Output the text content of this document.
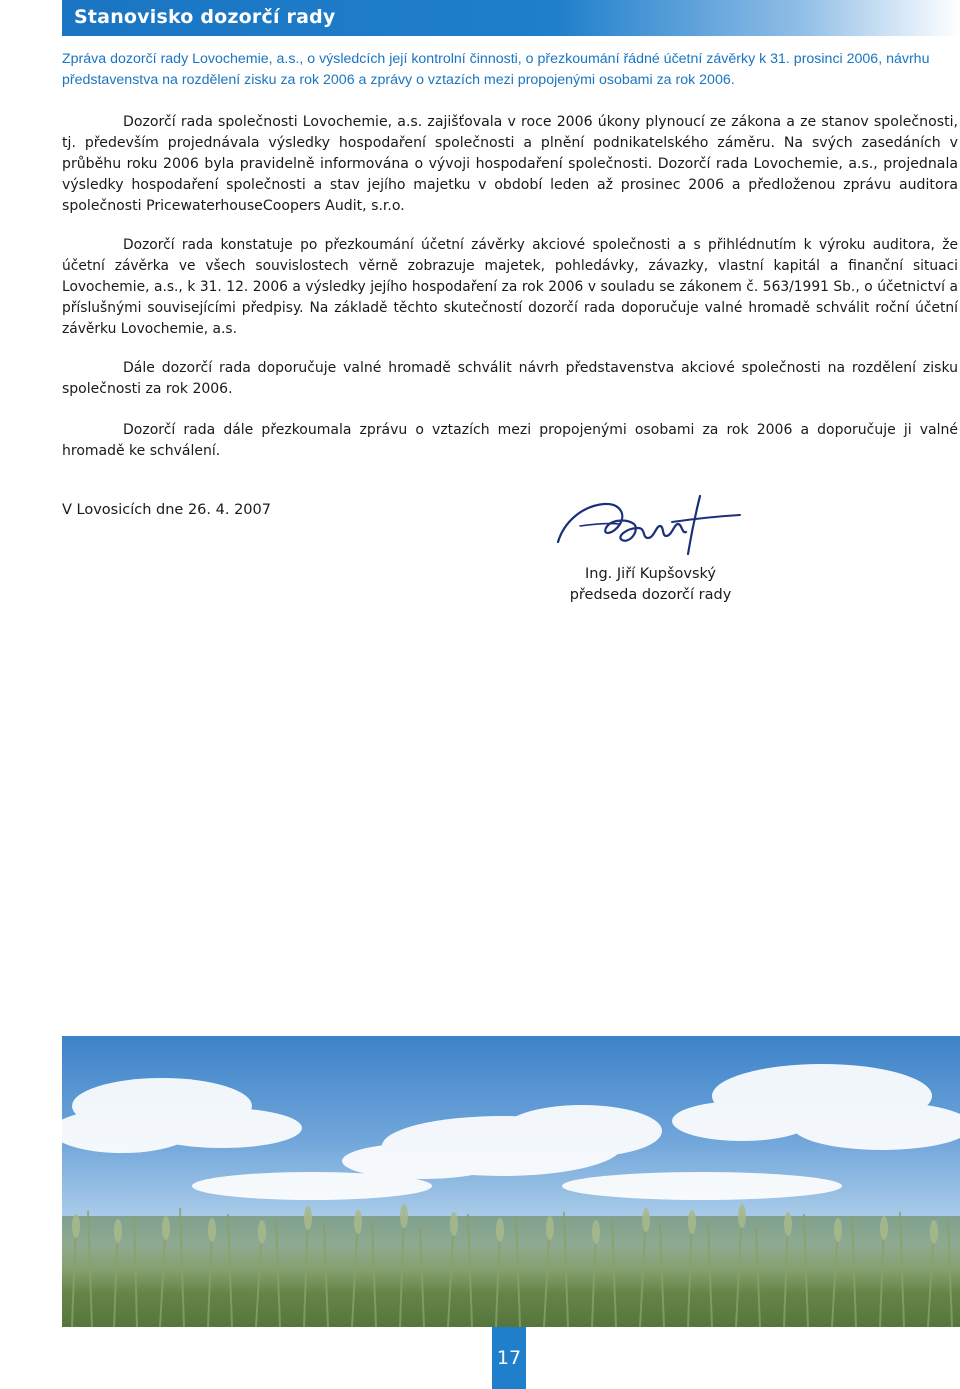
Stanovisko dozorčí rady
Zpráva dozorčí rady Lovochemie, a.s., o výsledcích její kontrolní činnosti, o přezkoumání řádné účetní závěrky k 31. prosinci 2006, návrhu představenstva na rozdělení zisku za rok 2006 a zprávy o vztazích mezi propojenými osobami za rok 2006.

Dozorčí rada společnosti Lovochemie, a.s. zajišťovala v roce 2006 úkony plynoucí ze zákona a ze stanov společnosti, tj. především projednávala výsledky hospodaření společnosti a plnění podnikatelského záměru. Na svých zasedáních v průběhu roku 2006 byla pravidelně informována o vývoji hospodaření společnosti. Dozorčí rada Lovochemie, a.s., projednala výsledky hospodaření společnosti a stav jejího majetku v období leden až prosinec 2006 a předloženou zprávu auditora společnosti PricewaterhouseCoopers Audit, s.r.o.

Dozorčí rada konstatuje po přezkoumání účetní závěrky akciové společnosti a s přihlédnutím k výroku auditora, že účetní závěrka ve všech souvislostech věrně zobrazuje majetek, pohledávky, závazky, vlastní kapitál a finanční situaci Lovochemie, a.s., k 31. 12. 2006 a výsledky jejího hospodaření za rok 2006 v souladu se zákonem č. 563/1991 Sb., o účetnictví a příslušnými souvisejícími předpisy. Na základě těchto skutečností dozorčí rada doporučuje valné hromadě schválit roční účetní závěrku Lovochemie, a.s.

Dále dozorčí rada doporučuje valné hromadě schválit návrh představenstva akciové společnosti na rozdělení zisku společnosti za rok 2006.

Dozorčí rada dále přezkoumala zprávu o vztazích mezi propojenými osobami za rok 2006 a doporučuje ji valné hromadě ke schválení.

V Lovosicích dne 26. 4. 2007
Ing. Jiří Kupšovský
předseda dozorčí rady
17
